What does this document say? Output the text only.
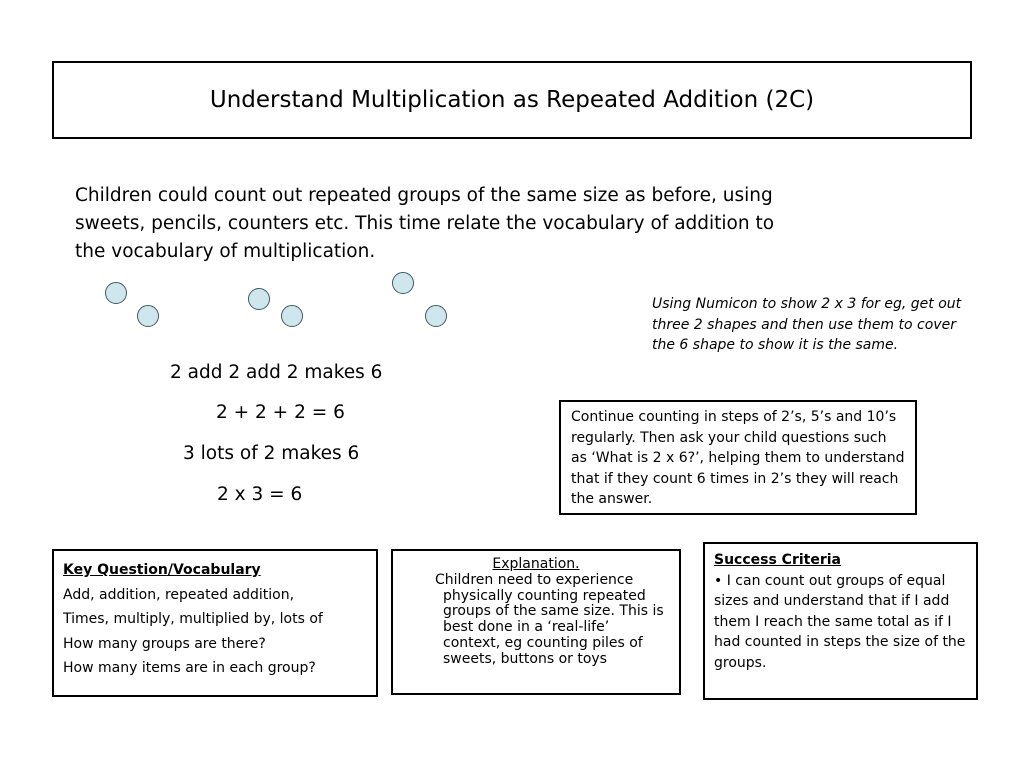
Understand Multiplication as Repeated Addition (2C)
Children could count out repeated groups of the same size as before, using sweets, pencils, counters etc. This time relate the vocabulary of addition to the vocabulary of multiplication.
2 add 2 add 2 makes 6
2 + 2 + 2 = 6
3 lots of 2 makes 6
2 x 3 = 6
Using Numicon to show 2 x 3 for eg, get out three 2 shapes and then use them to cover the 6 shape to show it is the same.
Continue counting in steps of 2’s, 5’s and 10’s regularly. Then ask your child questions such as ‘What is 2 x 6?’, helping them to understand that if they count 6 times in 2’s they will reach the answer.
Key Question/Vocabulary
Add, addition, repeated addition,
Times, multiply, multiplied by, lots of
How many groups are there?
How many items are in each group?
Explanation.
Children need to experience physically counting repeated groups of the same size. This is best done in a ‘real-life’ context, eg counting piles of sweets, buttons or toys
Success Criteria
• I can count out groups of equal sizes and understand that if I add them I reach the same total as if I had counted in steps the size of the groups.
